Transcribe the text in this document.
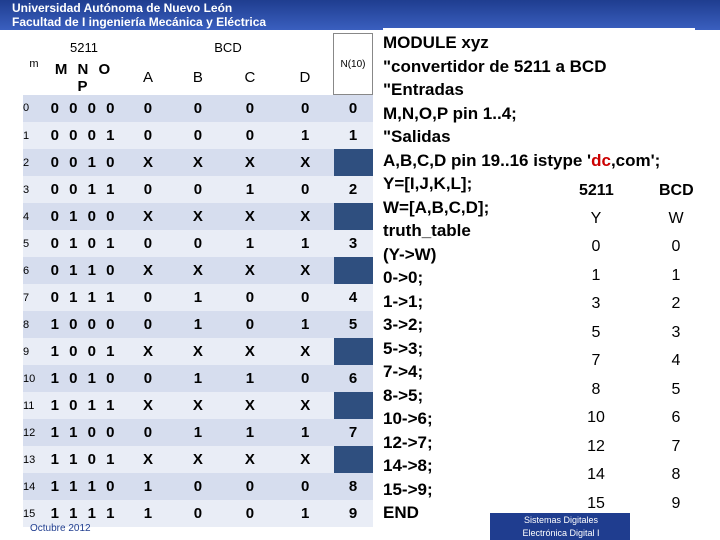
Universidad Autónoma de Nuevo León
Facultad de I ingeniería Mecánica y Eléctrica
m	5211	BCD				N(10)
	M N O P	A	B	C	D	
0	0 0 0 0	0	0	0	0	0
1	0 0 0 1	0	0	0	1	1
2	0 0 1 0	X	X	X	X	
3	0 0 1 1	0	0	1	0	2
4	0 1 0 0	X	X	X	X	
5	0 1 0 1	0	0	1	1	3
6	0 1 1 0	X	X	X	X	
7	0 1 1 1	0	1	0	0	4
8	1 0 0 0	0	1	0	1	5
9	1 0 0 1	X	X	X	X	
10	1 0 1 0	0	1	1	0	6
11	1 0 1 1	X	X	X	X	
12	1 1 0 0	0	1	1	1	7
13	1 1 0 1	X	X	X	X	
14	1 1 1 0	1	0	0	0	8
15	1 1 1 1	1	0	0	1	9
MODULE xyz
"convertidor de 5211 a BCD
"Entradas
M,N,O,P pin 1..4;
"Salidas
A,B,C,D pin 19..16 istype 'dc,com';
Y=[I,J,K,L];
W=[A,B,C,D];
truth_table
(Y->W)
0->0;
1->1;
3->2;
5->3;
7->4;
8->5;
10->6;
12->7;
14->8;
15->9;
END
5211	BCD
Y	W
0	0
1	1
3	2
5	3
7	4
8	5
10	6
12	7
14	8
15	9
Octubre 2012
Sistemas Digitales
Electrónica Digital I
